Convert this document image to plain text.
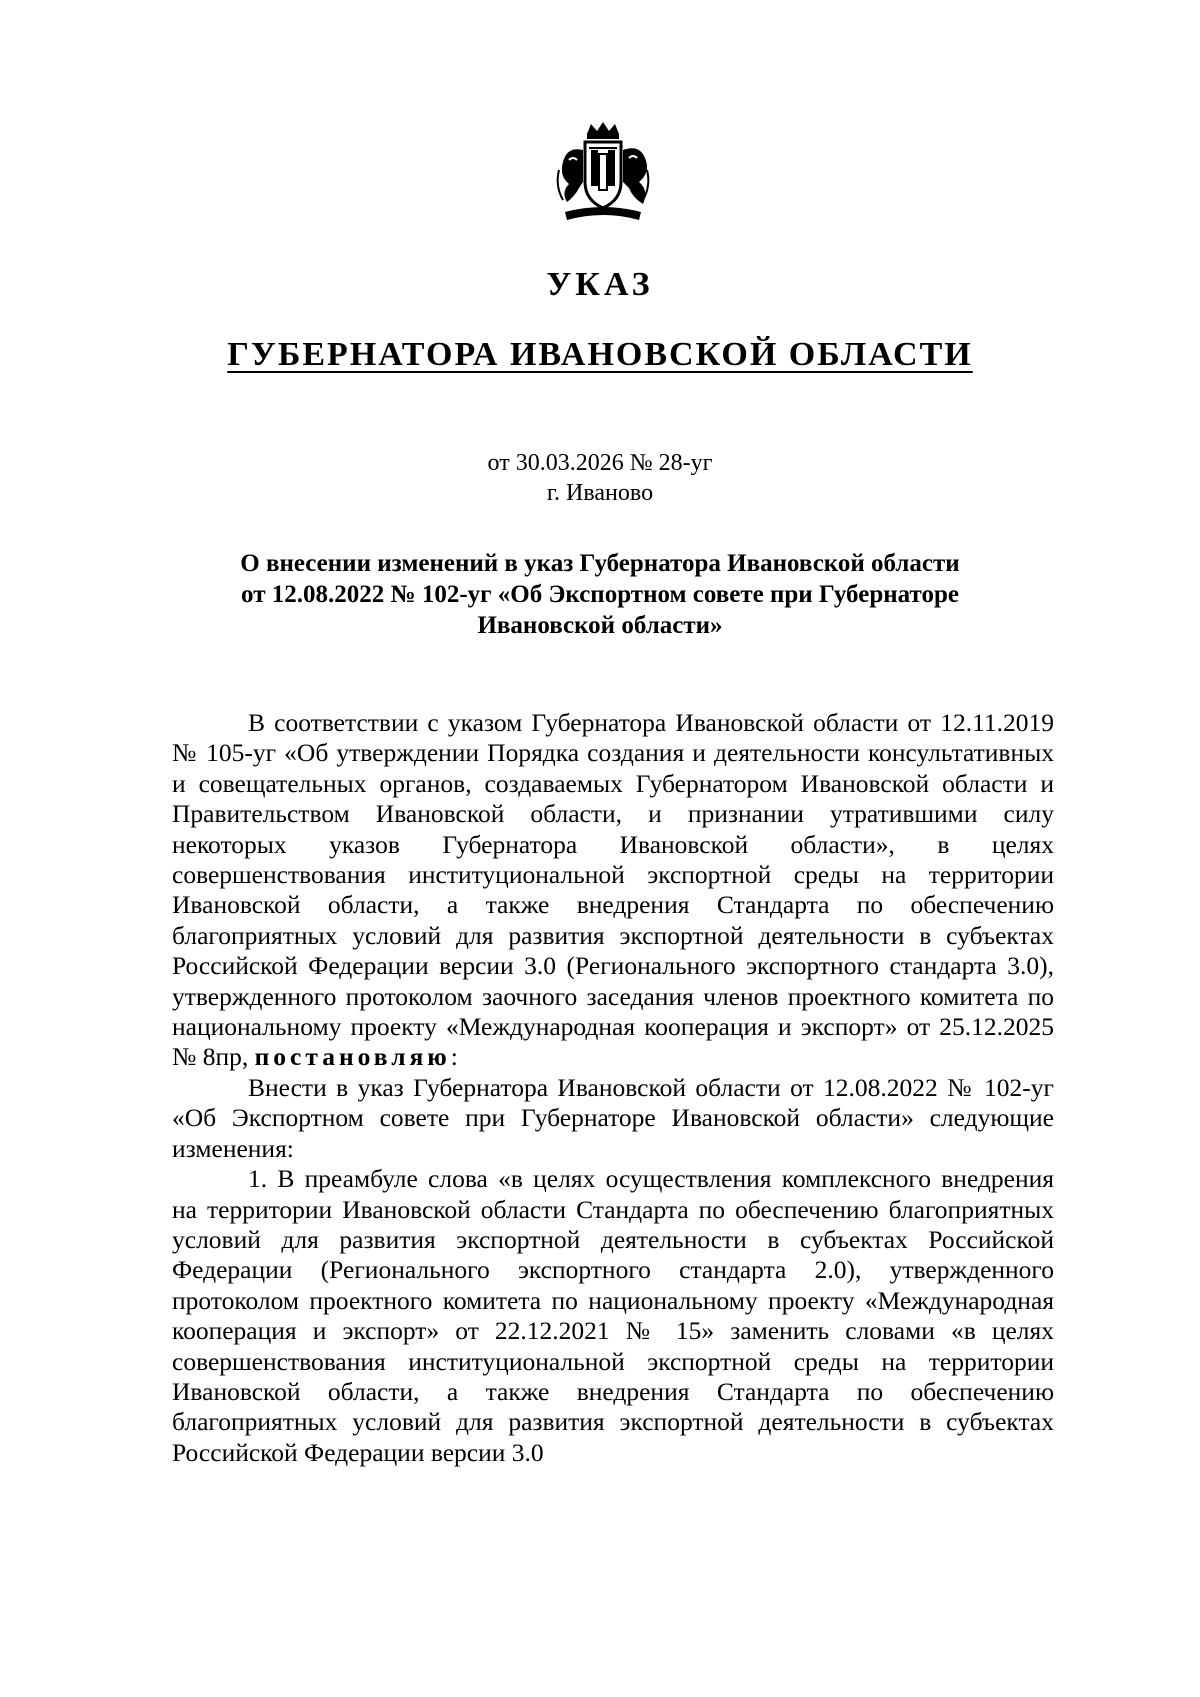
УКАЗ
ГУБЕРНАТОРА ИВАНОВСКОЙ ОБЛАСТИ
от 30.03.2026 № 28-уг
г. Иваново
О внесении изменений в указ Губернатора Ивановской области
от 12.08.2022 № 102-уг «Об Экспортном совете при Губернаторе
Ивановской области»

В соответствии с указом Губернатора Ивановской области от 12.11.2019 № 105-уг «Об утверждении Порядка создания и деятельности консультативных и совещательных органов, создаваемых Губернатором Ивановской области и Правительством Ивановской области, и признании утратившими силу некоторых указов Губернатора Ивановской области», в целях совершенствования институциональной экспортной среды на территории Ивановской области, а также внедрения Стандарта по обеспечению благоприятных условий для развития экспортной деятельности в субъектах Российской Федерации версии 3.0 (Регионального экспортного стандарта 3.0), утвержденного протоколом заочного заседания членов проектного комитета по национальному проекту «Международная кооперация и экспорт» от 25.12.2025 № 8пр, постановляю:

Внести в указ Губернатора Ивановской области от 12.08.2022 № 102-уг «Об Экспортном совете при Губернаторе Ивановской области» следующие изменения:

1. В преамбуле слова «в целях осуществления комплексного внедрения на территории Ивановской области Стандарта по обеспечению благоприятных условий для развития экспортной деятельности в субъектах Российской Федерации (Регионального экспортного стандарта 2.0), утвержденного протоколом проектного комитета по национальному проекту «Международная кооперация и экспорт» от 22.12.2021 № 15» заменить словами «в целях совершенствования институциональной экспортной среды на территории Ивановской области, а также внедрения Стандарта по обеспечению благоприятных условий для развития экспортной деятельности в субъектах Российской Федерации версии 3.0
